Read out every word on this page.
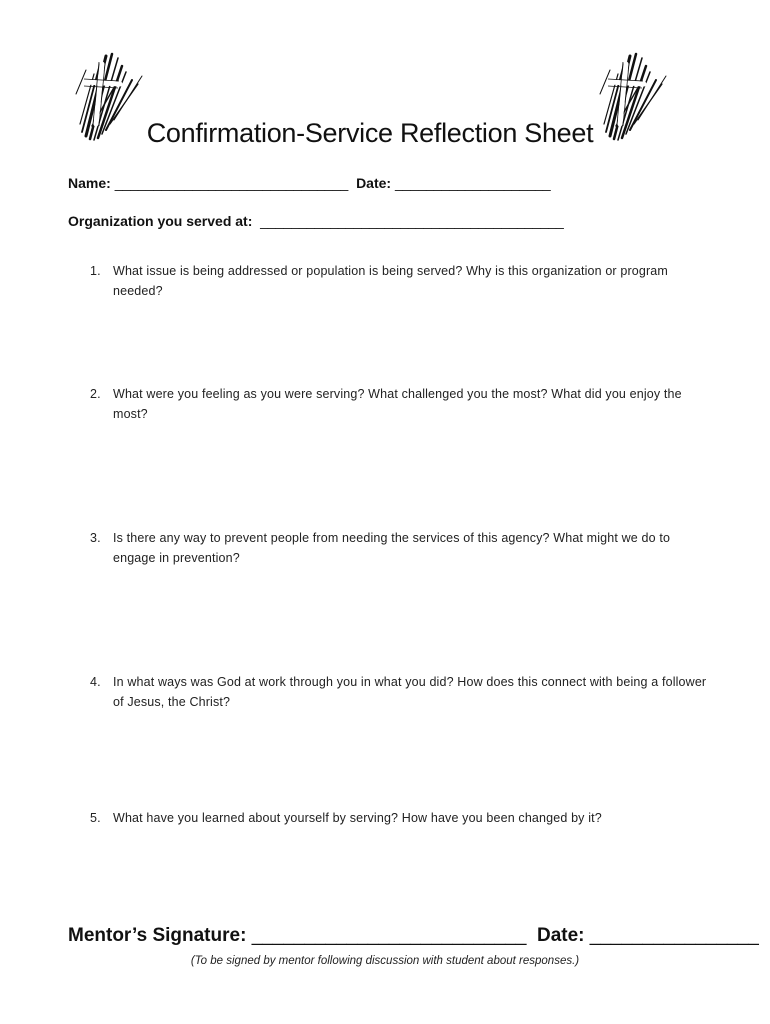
Confirmation-Service Reflection Sheet
Name: ______________________________ Date: ____________________
Organization you served at: _______________________________________
1. What issue is being addressed or population is being served? Why is this organization or program needed?
2. What were you feeling as you were serving? What challenged you the most? What did you enjoy the most?
3. Is there any way to prevent people from needing the services of this agency? What might we do to engage in prevention?
4. In what ways was God at work through you in what you did? How does this connect with being a follower of Jesus, the Christ?
5. What have you learned about yourself by serving? How have you been changed by it?
Mentor’s Signature: __________________________ Date: ________________
(To be signed by mentor following discussion with student about responses.)
